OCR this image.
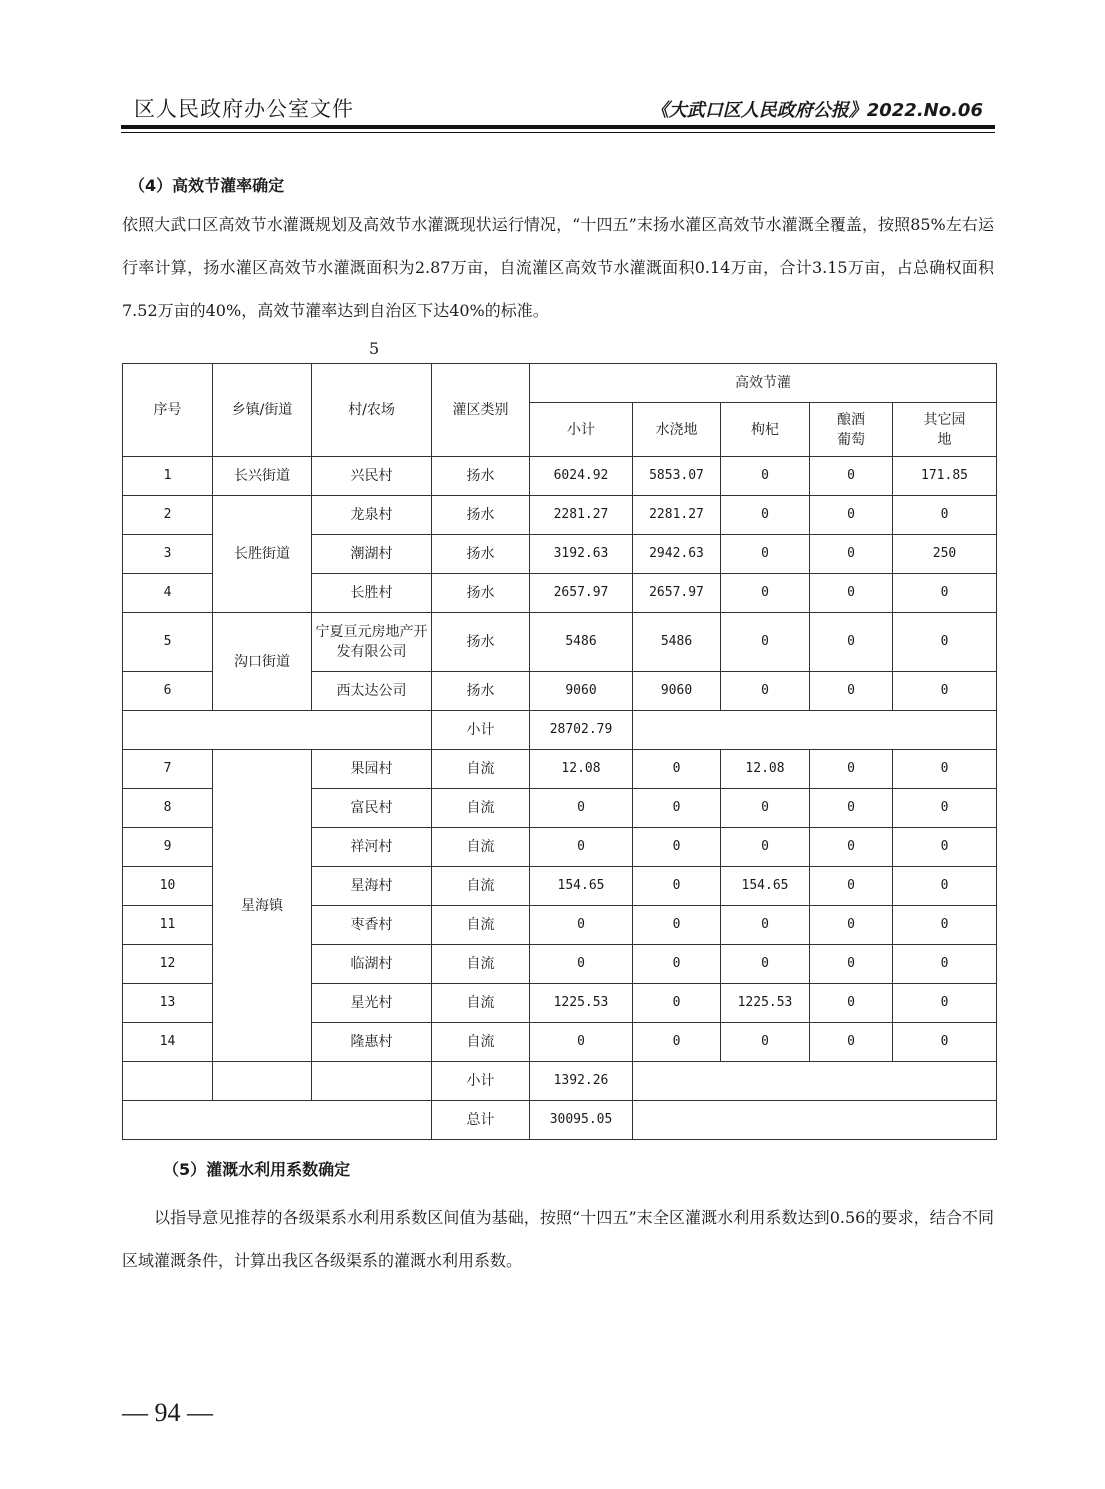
区人民政府办公室文件	《大武口区人民政府公报》2022.No.06
（4）高效节灌率确定

依照大武口区高效节水灌溉规划及高效节水灌溉现状运行情况，“十四五”末扬水灌区高效节水灌溉全覆盖，按照85%左右运行率计算，扬水灌区高效节水灌溉面积为2.87万亩，自流灌区高效节水灌溉面积0.14万亩，合计3.15万亩，占总确权面积7.52万亩的40%，高效节灌率达到自治区下达40%的标准。

5
序号	乡镇/街道	村/农场	灌区类别	高效节灌				
				小计	水浇地	枸杞	酿酒葡萄	其它园地
1	长兴街道	兴民村	扬水	6024.92	5853.07	0	0	171.85
2	长胜街道	龙泉村	扬水	2281.27	2281.27	0	0	0
3		潮湖村	扬水	3192.63	2942.63	0	0	250
4		长胜村	扬水	2657.97	2657.97	0	0	0
5	沟口街道	宁夏亘元房地产开发有限公司	扬水	5486	5486	0	0	0
6		西太达公司	扬水	9060	9060	0	0	0
			小计	28702.79				
7	星海镇	果园村	自流	12.08	0	12.08	0	0
8		富民村	自流	0	0	0	0	0
9		祥河村	自流	0	0	0	0	0
10		星海村	自流	154.65	0	154.65	0	0
11		枣香村	自流	0	0	0	0	0
12		临湖村	自流	0	0	0	0	0
13		星光村	自流	1225.53	0	1225.53	0	0
14		隆惠村	自流	0	0	0	0	0
			小计	1392.26				
			总计	30095.05				
（5）灌溉水利用系数确定

以指导意见推荐的各级渠系水利用系数区间值为基础，按照“十四五”末全区灌溉水利用系数达到0.56的要求，结合不同区域灌溉条件，计算出我区各级渠系的灌溉水利用系数。

— 94 —
